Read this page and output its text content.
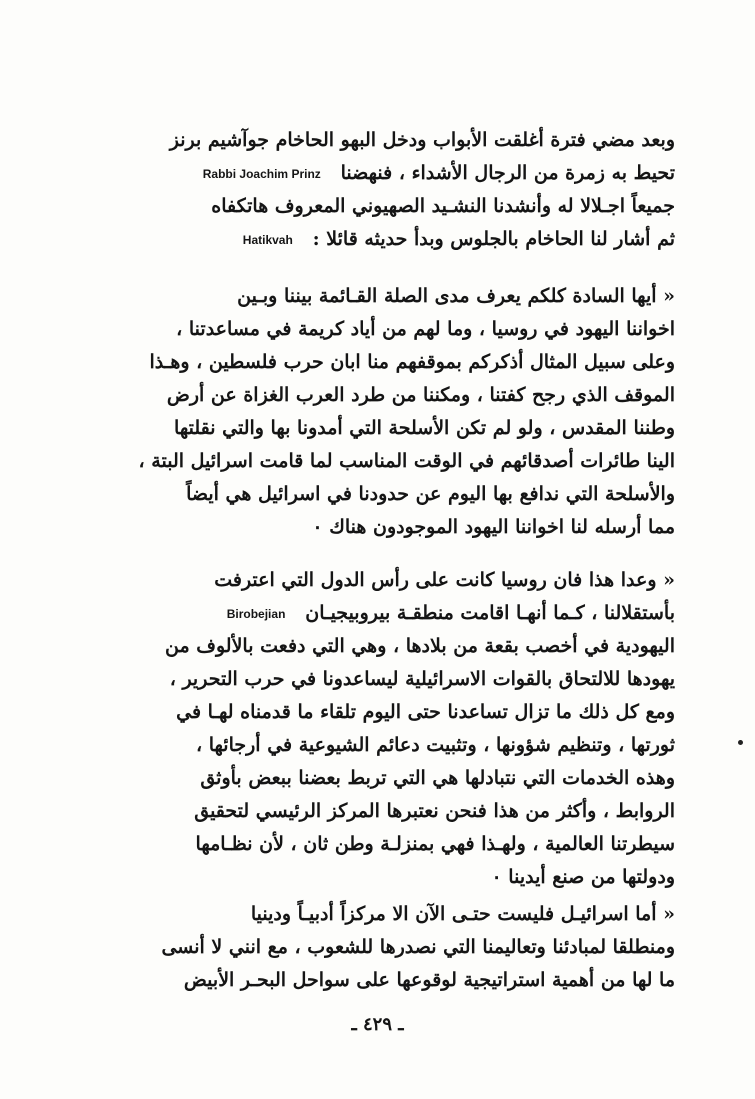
وبعد مضي فترة أغلقت الأبواب ودخل البهو الحاخام جوآشيم برنز
تحيط به زمرة من الرجال الأشداء ، فنهضنا   Rabbi Joachim Prinz
جميعاً اجـلالا له وأنشدنا النشـيد الصهيوني المعروف هاتكفاه
ثم أشار لنا الحاخام بالجلوس وبدأ حديثه قائلا :   Hatikvah
« أيها السادة كلكم يعرف مدى الصلة القـائمة بيننا وبـين
اخواننا اليهود في روسيا ، وما لهم من أياد كريمة في مساعدتنا ،
وعلى سبيل المثال أذكركم بموقفهم منا ابان حرب فلسطين ، وهـذا
الموقف الذي رجح كفتنا ، ومكننا من طرد العرب الغزاة عن أرض
وطننا المقدس ، ولو لم تكن الأسلحة التي أمدونا بها والتي نقلتها
الينا طائرات أصدقائهم في الوقت المناسب لما قامت اسرائيل البتة ،
والأسلحة التي ندافع بها اليوم عن حدودنا في اسرائيل هي أيضاً
مما أرسله لنا اخواننا اليهود الموجودون هناك ٠
« وعدا هذا فان روسيا كانت على رأس الدول التي اعترفت
بأستقلالنا ، كـما أنهـا اقامت منطقـة بيروبيجيـان   Birobejian
اليهودية في أخصب بقعة من بلادها ، وهي التي دفعت بالألوف من
يهودها للالتحاق بالقوات الاسرائيلية ليساعدونا في حرب التحرير ،
ومع كل ذلك ما تزال تساعدنا حتى اليوم تلقاء ما قدمناه لهـا في
ثورتها ، وتنظيم شؤونها ، وتثبيت دعائم الشيوعية في أرجائها ،
وهذه الخدمات التي نتبادلها هي التي تربط بعضنا ببعض بأوثق
الروابط ، وأكثر من هذا فنحن نعتبرها المركز الرئيسي لتحقيق
سيطرتنا العالمية ، ولهـذا فهي بمنزلـة وطن ثان ، لأن نظـامها
ودولتها من صنع أيدينا ٠
« أما اسرائيـل فليست حتـى الآن الا مركزاً أدبيـاً ودينيا
ومنطلقا لمبادئنا وتعاليمنا التي نصدرها للشعوب ، مع انني لا أنسى
ما لها من أهمية استراتيجية لوقوعها على سواحل البحـر الأبيض
ـ ٤٢٩ ـ
